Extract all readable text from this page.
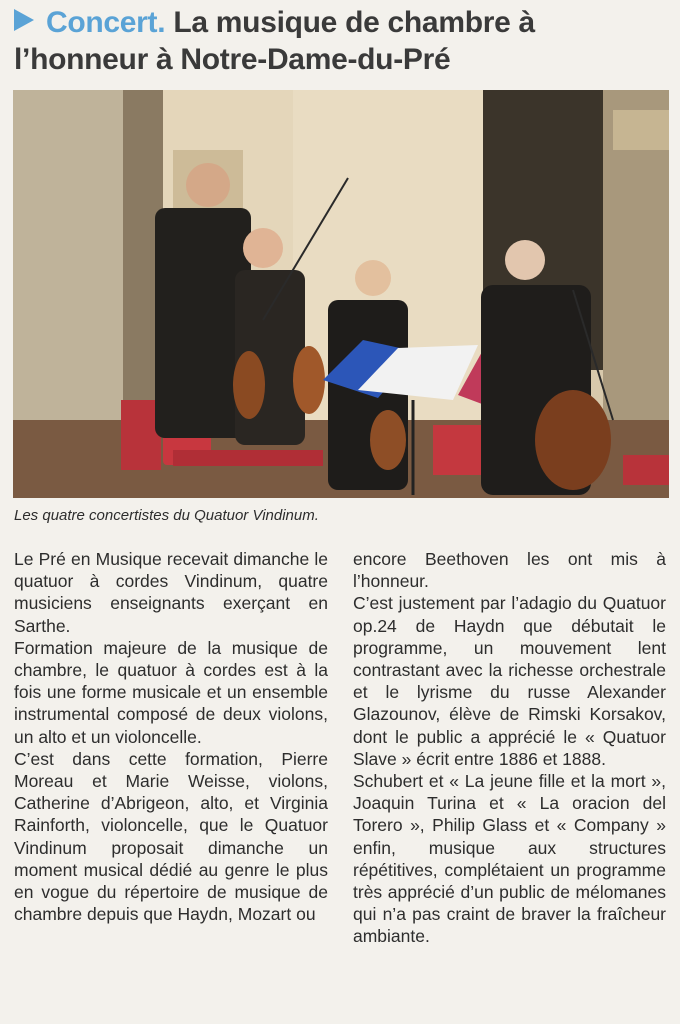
Concert. La musique de chambre à l’honneur à Notre-Dame-du-Pré
Les quatre concertistes du Quatuor Vindinum.

Le Pré en Musique recevait dimanche le quatuor à cordes Vindinum, quatre musiciens enseignants exerçant en Sarthe.

Formation majeure de la musique de chambre, le quatuor à cordes est à la fois une forme musicale et un ensemble instrumental composé de deux violons, un alto et un violoncelle.

C’est dans cette formation, Pierre Moreau et Marie Weisse, violons, Catherine d’Abrigeon, alto, et Virginia Rainforth, violoncelle, que le Quatuor Vindinum proposait dimanche un moment musical dédié au genre le plus en vogue du répertoire de musique de chambre depuis que Haydn, Mozart ou

encore Beethoven les ont mis à l’honneur.

C’est justement par l’adagio du Quatuor op.24 de Haydn que débutait le programme, un mouvement lent contrastant avec la richesse orchestrale et le lyrisme du russe Alexander Glazounov, élève de Rimski Korsakov, dont le public a apprécié le « Quatuor Slave » écrit entre 1886 et 1888.

Schubert et « La jeune fille et la mort », Joaquin Turina et « La oracion del Torero », Philip Glass et « Company » enfin, musique aux structures répétitives, complétaient un programme très apprécié d’un public de mélomanes qui n’a pas craint de braver la fraîcheur ambiante.
